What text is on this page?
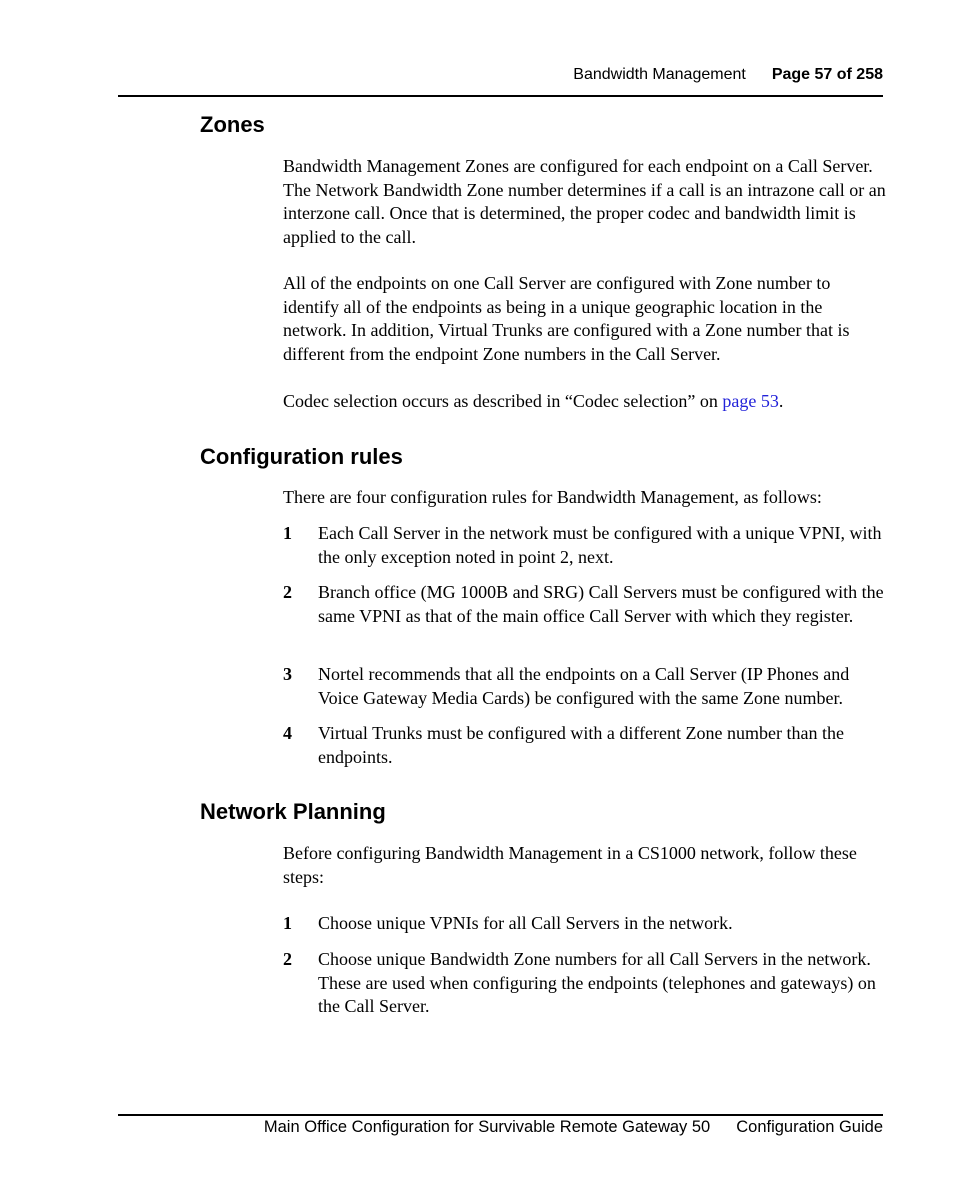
Bandwidth Management Page 57 of 258
Zones

Bandwidth Management Zones are configured for each endpoint on a Call Server. The Network Bandwidth Zone number determines if a call is an intrazone call or an interzone call. Once that is determined, the proper codec and bandwidth limit is applied to the call.

All of the endpoints on one Call Server are configured with Zone number to identify all of the endpoints as being in a unique geographic location in the network. In addition, Virtual Trunks are configured with a Zone number that is different from the endpoint Zone numbers in the Call Server.

Codec selection occurs as described in “Codec selection” on page 53.

Configuration rules

There are four configuration rules for Bandwidth Management, as follows:

1 Each Call Server in the network must be configured with a unique VPNI, with the only exception noted in point 2, next.
2 Branch office (MG 1000B and SRG) Call Servers must be configured with the same VPNI as that of the main office Call Server with which they register.
3 Nortel recommends that all the endpoints on a Call Server (IP Phones and Voice Gateway Media Cards) be configured with the same Zone number.
4 Virtual Trunks must be configured with a different Zone number than the endpoints.
Network Planning

Before configuring Bandwidth Management in a CS1000 network, follow these steps:

1 Choose unique VPNIs for all Call Servers in the network.
2 Choose unique Bandwidth Zone numbers for all Call Servers in the network. These are used when configuring the endpoints (telephones and gateways) on the Call Server.
Main Office Configuration for Survivable Remote Gateway 50 Configuration Guide
